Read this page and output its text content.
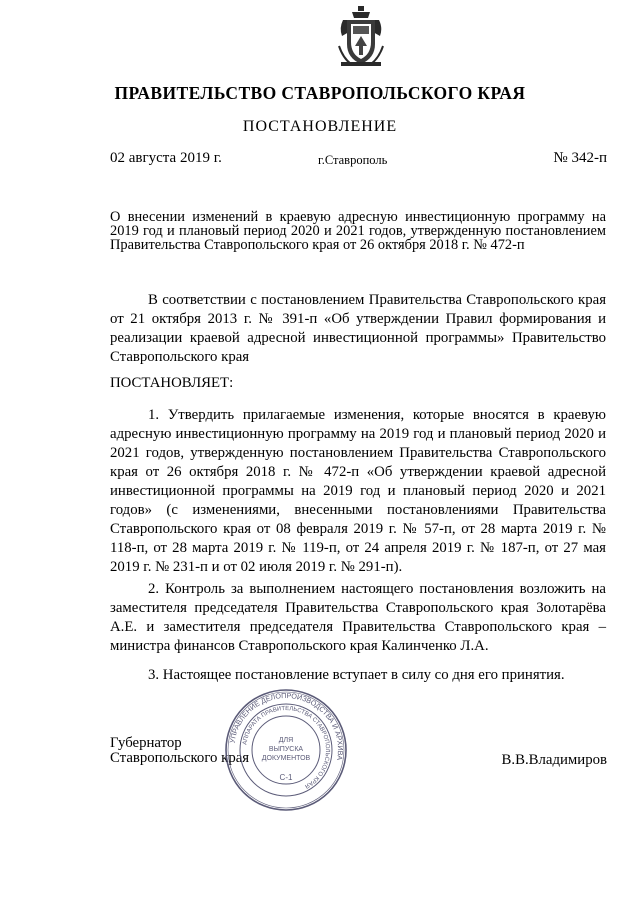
ПРАВИТЕЛЬСТВО СТАВРОПОЛЬСКОГО КРАЯ
ПОСТАНОВЛЕНИЕ
02 августа 2019 г.	г.Ставрополь	№ 342-п
О внесении изменений в краевую адресную инвестиционную программу на 2019 год и плановый период 2020 и 2021 годов, утвержденную постановлением Правительства Ставропольского края от 26 октября 2018 г. № 472-п

В соответствии с постановлением Правительства Ставропольского края от 21 октября 2013 г. № 391-п «Об утверждении Правил формирования и реализации краевой адресной инвестиционной программы» Правительство Ставропольского края

ПОСТАНОВЛЯЕТ:

1. Утвердить прилагаемые изменения, которые вносятся в краевую адресную инвестиционную программу на 2019 год и плановый период 2020 и 2021 годов, утвержденную постановлением Правительства Ставропольского края от 26 октября 2018 г. № 472-п «Об утверждении краевой адресной инвестиционной программы на 2019 год и плановый период 2020 и 2021 годов» (с изменениями, внесенными постановлениями Правительства Ставропольского края от 08 февраля 2019 г. № 57-п, от 28 марта 2019 г. № 118-п, от 28 марта 2019 г. № 119-п, от 24 апреля 2019 г. № 187-п, от 27 мая 2019 г. № 231-п и от 02 июля 2019 г. № 291-п).

2. Контроль за выполнением настоящего постановления возложить на заместителя председателя Правительства Ставропольского края Золотарёва А.Е. и заместителя председателя Правительства Ставропольского края – министра финансов Ставропольского края Калинченко Л.А.

3. Настоящее постановление вступает в силу со дня его принятия.

Губернатор
Ставропольского края	В.В.Владимиров
УПРАВЛЕНИЕ ДЕЛОПРОИЗВОДСТВА И АРХИВА
АППАРАТА ПРАВИТЕЛЬСТВА СТАВРОПОЛЬСКОГО КРАЯ
ДЛЯ
ВЫПУСКА
ДОКУМЕНТОВ
С-1
